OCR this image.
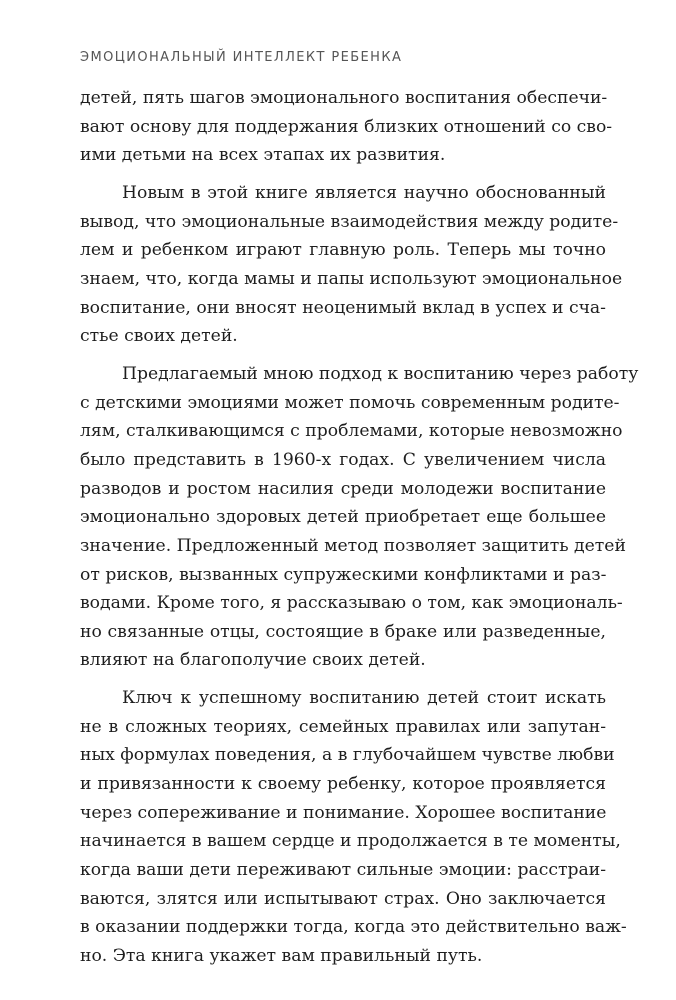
ЭМОЦИОНАЛЬНЫЙ ИНТЕЛЛЕКТ РЕБЕНКА

детей, пять шагов эмоционального воспитания обеспечи-
вают основу для поддержания близких отношений со сво-
ими детьми на всех этапах их развития.

Новым в этой книге является научно обоснованный
вывод, что эмоциональные взаимодействия между родите-
лем и ребенком играют главную роль. Теперь мы точно
знаем, что, когда мамы и папы используют эмоциональное
воспитание, они вносят неоценимый вклад в успех и сча-
стье своих детей.

Предлагаемый мною подход к воспитанию через работу
с детскими эмоциями может помочь современным родите-
лям, сталкивающимся с проблемами, которые невозможно
было представить в 1960-х годах. С увеличением числа
разводов и ростом насилия среди молодежи воспитание
эмоционально здоровых детей приобретает еще большее
значение. Предложенный метод позволяет защитить детей
от рисков, вызванных супружескими конфликтами и раз-
водами. Кроме того, я рассказываю о том, как эмоциональ-
но связанные отцы, состоящие в браке или разведенные,
влияют на благополучие своих детей.

Ключ к успешному воспитанию детей стоит искать
не в сложных теориях, семейных правилах или запутан-
ных формулах поведения, а в глубочайшем чувстве любви
и привязанности к своему ребенку, которое проявляется
через сопереживание и понимание. Хорошее воспитание
начинается в вашем сердце и продолжается в те моменты,
когда ваши дети переживают сильные эмоции: расстраи-
ваются, злятся или испытывают страх. Оно заключается
в оказании поддержки тогда, когда это действительно важ-
но. Эта книга укажет вам правильный путь.
